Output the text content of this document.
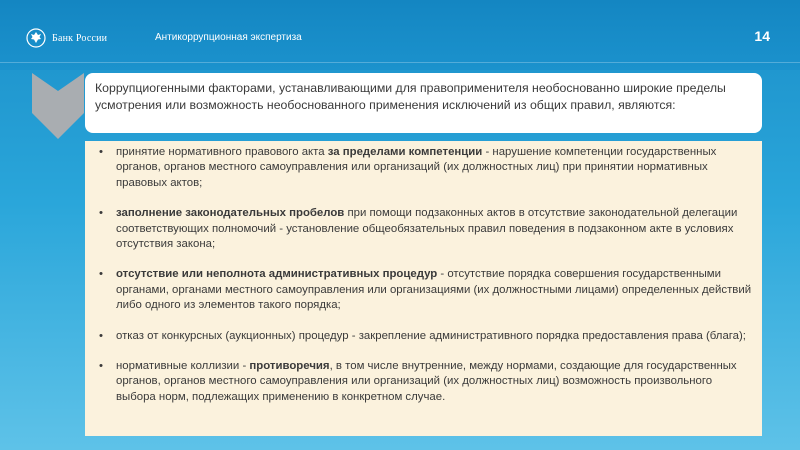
Банк России	Антикоррупционная экспертиза	14
Коррупциогенными факторами, устанавливающими для правоприменителя необоснованно широкие пределы усмотрения или возможность необоснованного применения исключений из общих правил, являются:
• принятие нормативного правового акта за пределами компетенции - нарушение компетенции государственных органов, органов местного самоуправления или организаций (их должностных лиц) при принятии нормативных правовых актов;
• заполнение законодательных пробелов при помощи подзаконных актов в отсутствие законодательной делегации соответствующих полномочий - установление общеобязательных правил поведения в подзаконном акте в условиях отсутствия закона;
• отсутствие или неполнота административных процедур - отсутствие порядка совершения государственными органами, органами местного самоуправления или организациями (их должностными лицами) определенных действий либо одного из элементов такого порядка;
• отказ от конкурсных (аукционных) процедур - закрепление административного порядка предоставления права (блага);
• нормативные коллизии - противоречия, в том числе внутренние, между нормами, создающие для государственных органов, органов местного самоуправления или организаций (их должностных лиц) возможность произвольного выбора норм, подлежащих применению в конкретном случае.
